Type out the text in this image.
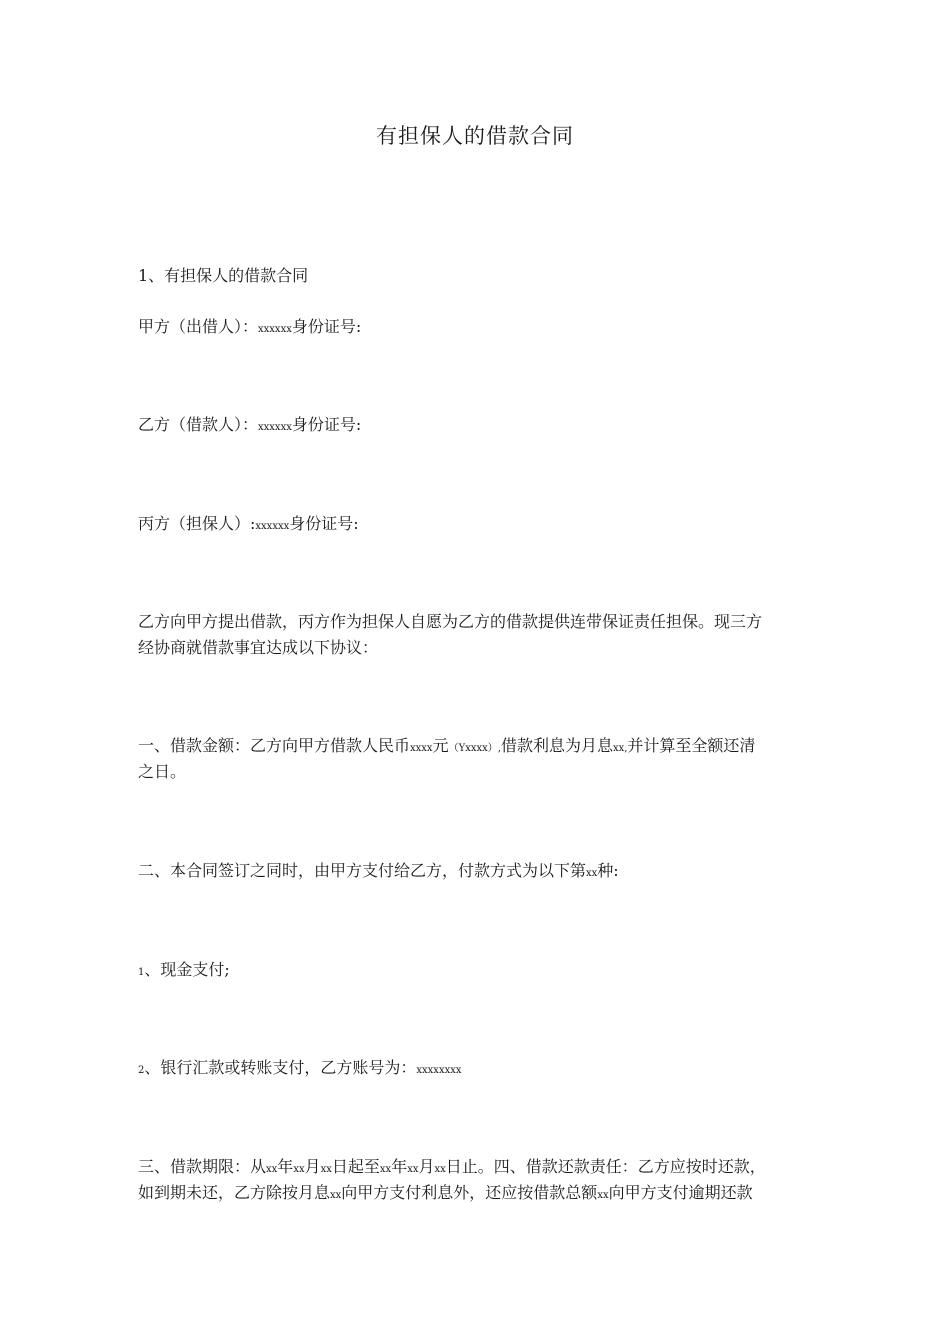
有担保人的借款合同
1、有担保人的借款合同
甲方（出借人）：xxxxxx身份证号:
乙方（借款人）：xxxxxx身份证号:
丙方（担保人）:xxxxxx身份证号:
乙方向甲方提出借款，丙方作为担保人自愿为乙方的借款提供连带保证责任担保。现三方
经协商就借款事宜达成以下协议：
一、借款金额：乙方向甲方借款人民币xxxx元（Yxxxx）,借款利息为月息xx,并计算至全额还清
之日。
二、本合同签订之同时，由甲方支付给乙方，付款方式为以下第xx种:
1、现金支付;
2、银行汇款或转账支付，乙方账号为：xxxxxxxx
三、借款期限：从xx年xx月xx日起至xx年xx月xx日止。四、借款还款责任：乙方应按时还款，
如到期未还，乙方除按月息xx向甲方支付利息外，还应按借款总额xx向甲方支付逾期还款
